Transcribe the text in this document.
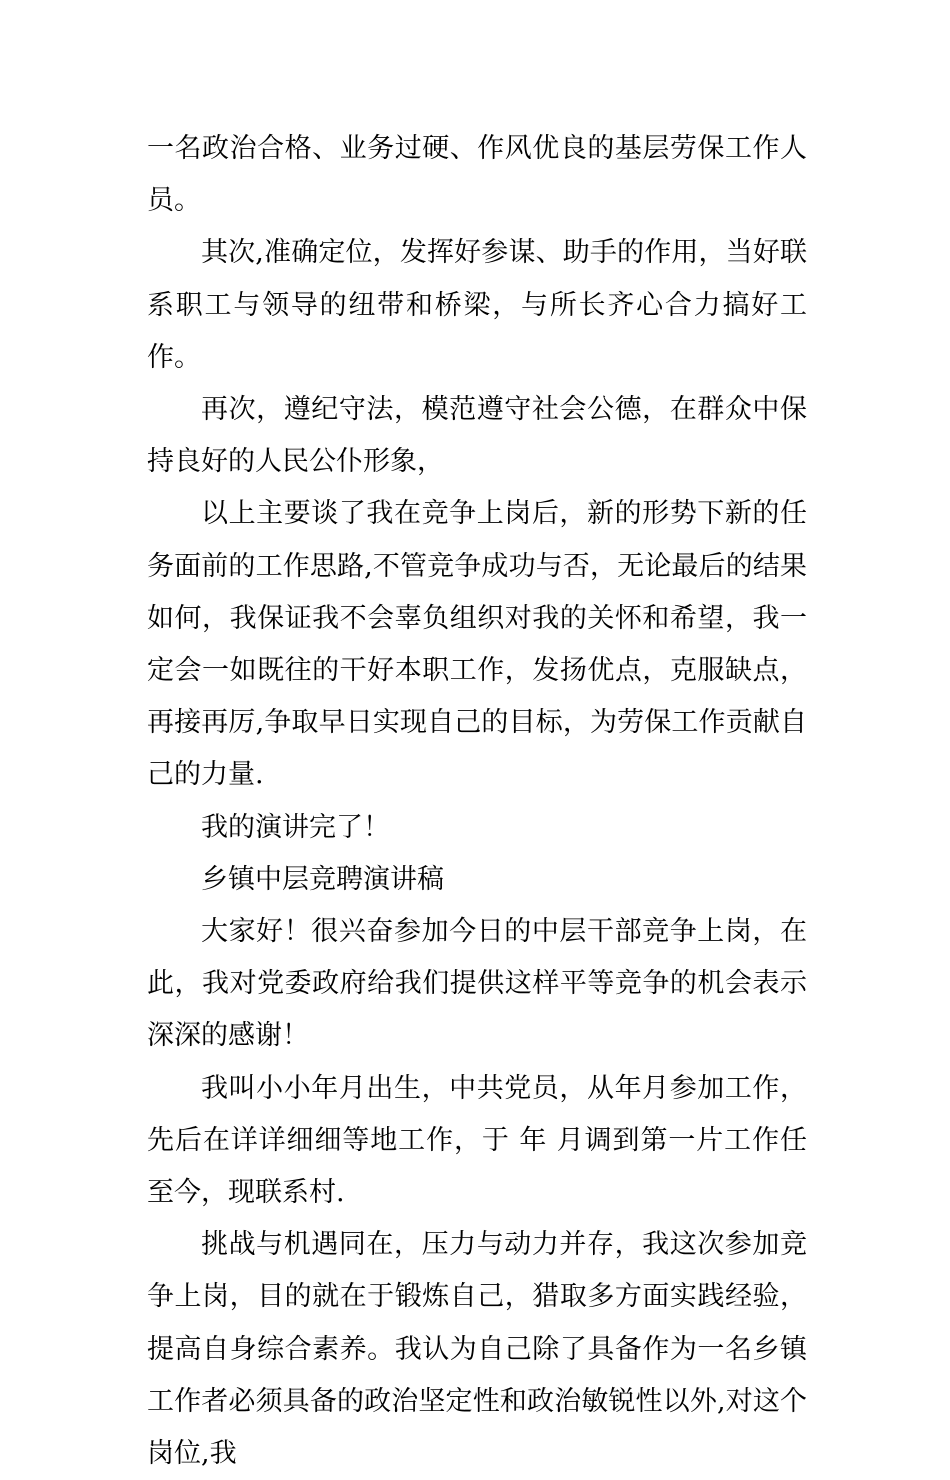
一名政治合格、业务过硬、作风优良的基层劳保工作人员。

其次,准确定位，发挥好参谋、助手的作用，当好联系职工与领导的纽带和桥梁，与所长齐心合力搞好工作。

再次，遵纪守法，模范遵守社会公德，在群众中保持良好的人民公仆形象，

以上主要谈了我在竞争上岗后，新的形势下新的任务面前的工作思路,不管竞争成功与否，无论最后的结果如何，我保证我不会辜负组织对我的关怀和希望，我一定会一如既往的干好本职工作，发扬优点，克服缺点，再接再厉,争取早日实现自己的目标，为劳保工作贡献自己的力量.

我的演讲完了！

乡镇中层竞聘演讲稿

大家好！很兴奋参加今日的中层干部竞争上岗，在此，我对党委政府给我们提供这样平等竞争的机会表示深深的感谢！

我叫小小年月出生，中共党员，从年月参加工作，先后在详详细细等地工作，于 年 月调到第一片工作任至今，现联系村.

挑战与机遇同在，压力与动力并存，我这次参加竞争上岗，目的就在于锻炼自己，猎取多方面实践经验，提高自身综合素养。我认为自己除了具备作为一名乡镇工作者必须具备的政治坚定性和政治敏锐性以外,对这个岗位,我
